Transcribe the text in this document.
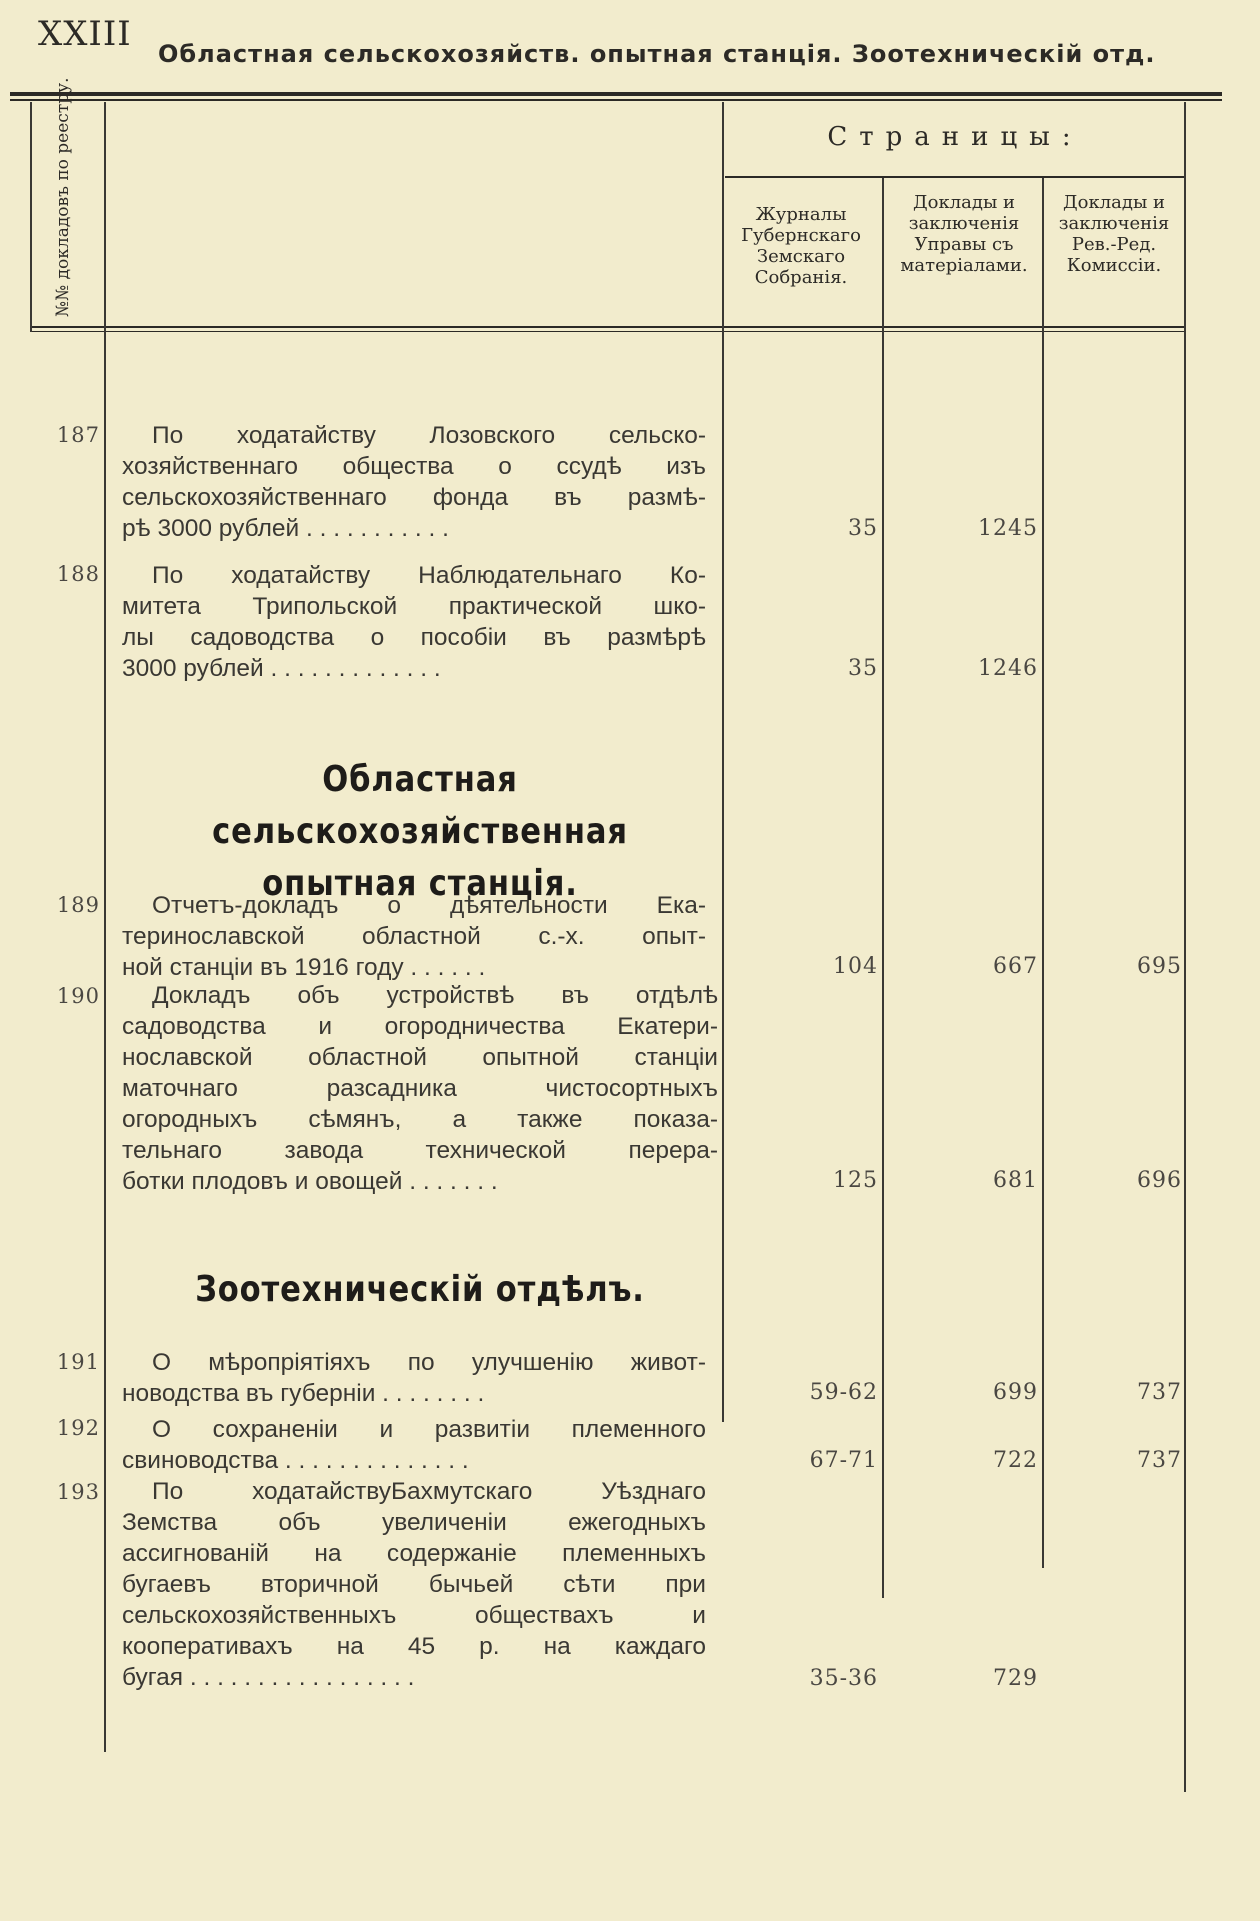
XXIII Областная сельскохозяйств. опытная станція. Зоотехническій отд.
№№ докладовъ по реестру.	Страницы:
Журналы Губернскаго Земскаго Собранія.
Доклады и заключенія Управы съ матеріалами.
Доклады и заключенія Рев.-Ред. Комиссіи.
187	По ходатайству Лозовского сельско-
хозяйственнаго общества о ссудѣ изъ
сельскохозяйственнаго фонда въ размѣ-
рѣ 3000 рублей . . . . . . . . . . .	35	1245
188	По ходатайству Наблюдательнаго Ко-
митета Трипольской практической шко-
лы садоводства о пособіи въ размѣрѣ
3000 рублей . . . . . . . . . . . . .	35	1246
Областная сельскохозяйственная опытная станція.
189	Отчетъ-докладъ о дѣятельности Ека-
теринославской областной с.-х. опыт-
ной станціи въ 1916 году . . . . . .	104	667	695
190	Докладъ объ устройствѣ въ отдѣлѣ
садоводства и огородничества Екатери-
нославской областной опытной станціи
маточнаго разсадника чистосортныхъ
огородныхъ сѣмянъ, а также показа-
тельнаго завода технической перера-
ботки плодовъ и овощей . . . . . . .	125	681	696
Зоотехническій отдѣлъ.
191	О мѣропріятіяхъ по улучшенію живот-
новодства въ губерніи . . . . . . . .	59-62	699	737
192	О сохраненіи и развитіи племенного
свиноводства . . . . . . . . . . . . . .	67-71	722	737
193	По ходатайствуБахмутскаго Уѣзднаго
Земства объ увеличеніи ежегодныхъ
ассигнованій на содержаніе племенныхъ
бугаевъ вторичной бычьей сѣти при
сельскохозяйственныхъ обществахъ и
кооперативахъ на 45 р. на каждаго
бугая . . . . . . . . . . . . . . . . .	35-36	729
